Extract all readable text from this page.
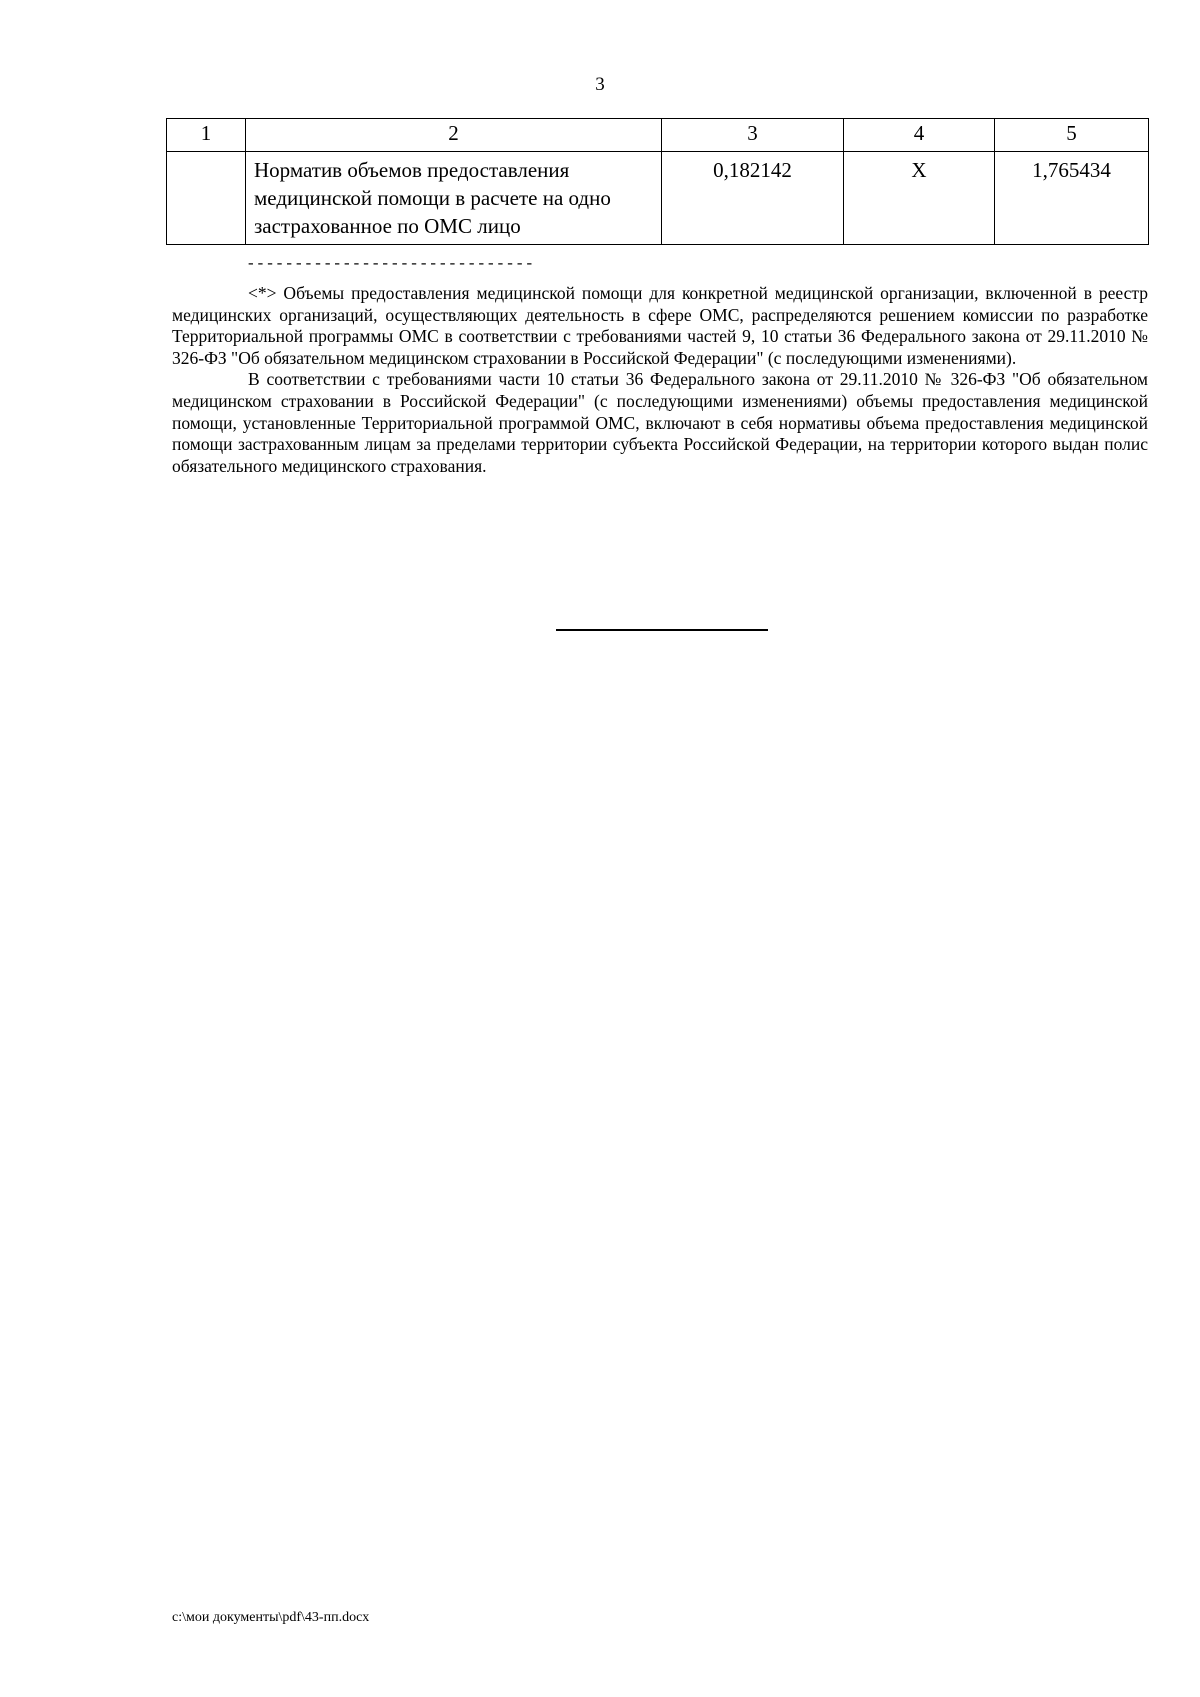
3
1	2	3	4	5
	Норматив объемов предоставления медицинской помощи в расчете на одно застрахованное по ОМС лицо	0,182142	Х	1,765434
------------------------------

<*> Объемы предоставления медицинской помощи для конкретной медицинской организации, включенной в реестр медицинских организаций, осуществляющих деятельность в сфере ОМС, распределяются решением комиссии по разработке Территориальной программы ОМС в соответствии с требованиями частей 9, 10 статьи 36 Федерального закона от 29.11.2010 № 326-ФЗ "Об обязательном медицинском страховании в Российской Федерации" (с последующими изменениями).

В соответствии с требованиями части 10 статьи 36 Федерального закона от 29.11.2010 № 326-ФЗ "Об обязательном медицинском страховании в Российской Федерации" (с последующими изменениями) объемы предоставления медицинской помощи, установленные Территориальной программой ОМС, включают в себя нормативы объема предоставления медицинской помощи застрахованным лицам за пределами территории субъекта Российской Федерации, на территории которого выдан полис обязательного медицинского страхования.

c:\мои документы\pdf\43-пп.docx
